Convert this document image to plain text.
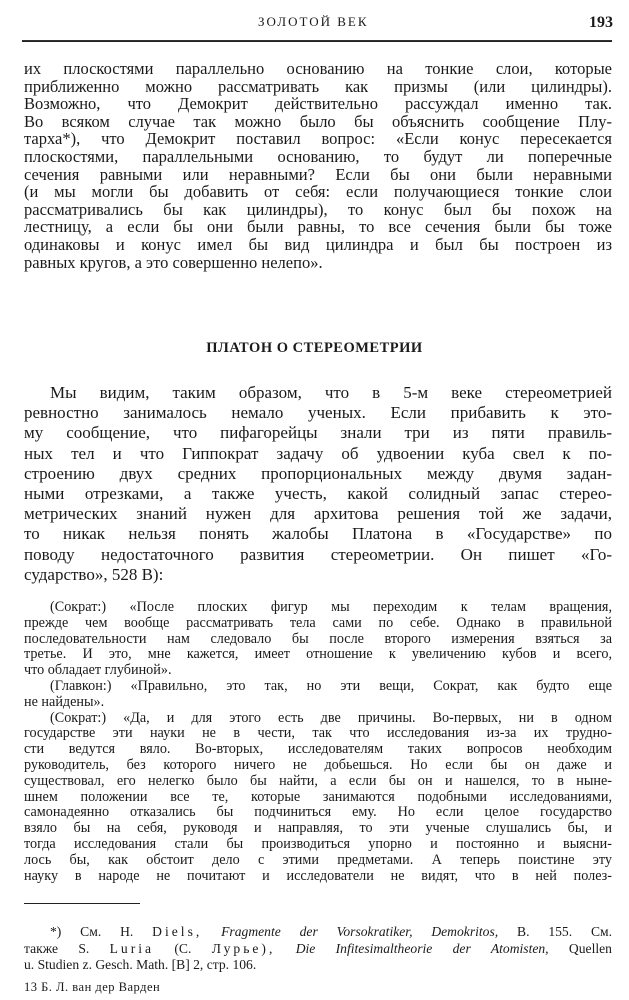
ЗОЛОТОЙ ВЕК	193
их плоскостями параллельно основанию на тонкие слои, которые
приближенно можно рассматривать как призмы (или цилиндры).
Возможно, что Демокрит действительно рассуждал именно так.
Во всяком случае так можно было бы объяснить сообщение Плу-
тарха*), что Демокрит поставил вопрос: «Если конус пересекается
плоскостями, параллельными основанию, то будут ли поперечные
сечения равными или неравными? Если бы они были неравными
(и мы могли бы добавить от себя: если получающиеся тонкие слои
рассматривались бы как цилиндры), то конус был бы похож на
лестницу, а если бы они были равны, то все сечения были бы тоже
одинаковы и конус имел бы вид цилиндра и был бы построен из
равных кругов, а это совершенно нелепо».
ПЛАТОН О СТЕРЕОМЕТРИИ
Мы видим, таким образом, что в 5-м веке стереометрией
ревностно занималось немало ученых. Если прибавить к это-
му сообщение, что пифагорейцы знали три из пяти правиль-
ных тел и что Гиппократ задачу об удвоении куба свел к по-
строению двух средних пропорциональных между двумя задан-
ными отрезками, а также учесть, какой солидный запас стерео-
метрических знаний нужен для архитова решения той же задачи,
то никак нельзя понять жалобы Платона в «Государстве» по
поводу недостаточного развития стереометрии. Он пишет «Го-
сударство», 528 В):
(Сократ:) «После плоских фигур мы переходим к телам вращения,
прежде чем вообще рассматривать тела сами по себе. Однако в правильной
последовательности нам следовало бы после второго измерения взяться за
третье. И это, мне кажется, имеет отношение к увеличению кубов и всего,
что обладает глубиной».
(Главкон:) «Правильно, это так, но эти вещи, Сократ, как будто еще
не найдены».
(Сократ:) «Да, и для этого есть две причины. Во-первых, ни в одном
государстве эти науки не в чести, так что исследования из-за их трудно-
сти ведутся вяло. Во-вторых, исследователям таких вопросов необходим
руководитель, без которого ничего не добьешься. Но если бы он даже и
существовал, его нелегко было бы найти, а если бы он и нашелся, то в ныне-
шнем положении все те, которые занимаются подобными исследованиями,
самонадеянно отказались бы подчиниться ему. Но если целое государство
взяло бы на себя, руководя и направляя, то эти ученые слушались бы, и
тогда исследования стали бы производиться упорно и постоянно и выясни-
лось бы, как обстоит дело с этими предметами. А теперь поистине эту
науку в народе не почитают и исследователи не видят, что в ней полез-
*) См. H. Diels, Fragmente der Vorsokratiker, Demokritos, В. 155. См.
также S. Luria (С. Лурье), Die Infitesimaltheorie der Atomisten, Quellen
u. Studien z. Gesch. Math. [B] 2, стр. 106.
13 Б. Л. ван дер Варден
